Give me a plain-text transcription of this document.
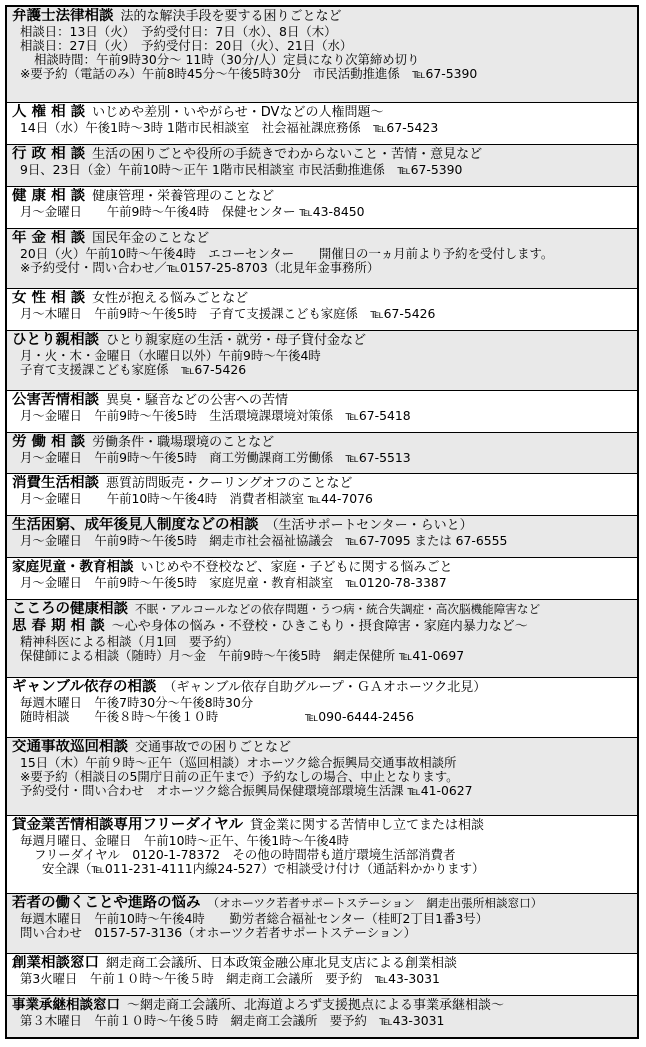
弁護士法律相談 法的な解決手段を要する困りごとなど
相談日：13日（火）　予約受付日：7日（水）、8日（木）
相談日：27日（火）　予約受付日：20日（火）、21日（水）
相談時間：午前9時30分～ 11時（30分/人）定員になり次第締め切り
※要予約（電話のみ）午前8時45分～午後5時30分　市民活動推進係　℡67-5390
人 権 相 談 いじめや差別・いやがらせ・DVなどの人権問題～
14日（水）午後1時～3時 1階市民相談室　社会福祉課庶務係　℡67-5423
行 政 相 談 生活の困りごとや役所の手続きでわからないこと・苦情・意見など
9日、23日（金）午前10時～正午 1階市民相談室 市民活動推進係　℡67-5390
健 康 相 談 健康管理・栄養管理のことなど
月～金曜日　　午前9時～午後4時　保健センター ℡43-8450
年 金 相 談 国民年金のことなど
20日（火）午前10時～午後4時　エコーセンター　　開催日の一ヵ月前より予約を受付します。
※予約受付・問い合わせ／℡0157-25-8703（北見年金事務所）
女 性 相 談 女性が抱える悩みごとなど
月～木曜日　午前9時～午後5時　子育て支援課こども家庭係　℡67-5426
ひとり親相談 ひとり親家庭の生活・就労・母子貸付金など
月・火・木・金曜日（水曜日以外）午前9時～午後4時
子育て支援課こども家庭係　℡67-5426
公害苦情相談 異臭・騒音などの公害への苦情
月～金曜日　午前9時～午後5時　生活環境課環境対策係　℡67-5418
労 働 相 談 労働条件・職場環境のことなど
月～金曜日　午前9時～午後5時　商工労働課商工労働係　℡67-5513
消費生活相談 悪質訪問販売・クーリングオフのことなど
月～金曜日　　午前10時～午後4時　消費者相談室 ℡44-7076
生活困窮、成年後見人制度などの相談 （生活サポートセンター・らいと）
月～金曜日　午前9時～午後5時　網走市社会福祉協議会　℡67-7095 または 67-6555
家庭児童・教育相談 いじめや不登校など、家庭・子どもに関する悩みごと
月～金曜日　午前9時～午後5時　家庭児童・教育相談室　℡0120-78-3387
こころの健康相談 不眠・アルコールなどの依存問題・うつ病・統合失調症・高次脳機能障害など
思 春 期 相 談 ～心や身体の悩み・不登校・ひきこもり・摂食障害・家庭内暴力など～
精神科医による相談（月1回　要予約）
保健師による相談（随時）月～金　午前9時～午後5時　網走保健所 ℡41-0697
ギャンブル依存の相談 （ギャンブル依存自助グループ・ＧＡオホーツク北見）
毎週木曜日　午後7時30分～午後8時30分
随時相談　　午後８時～午後１０時　　　　　　　℡090-6444-2456
交通事故巡回相談 交通事故での困りごとなど
15日（木）午前９時～正午（巡回相談）オホーツク総合振興局交通事故相談所
※要予約（相談日の5開庁日前の正午まで）予約なしの場合、中止となります。
予約受付・問い合わせ　オホーツク総合振興局保健環境部環境生活課 ℡41-0627
貸金業苦情相談専用フリーダイヤル 貸金業に関する苦情申し立てまたは相談
毎週月曜日、金曜日　午前10時～正午、午後1時～午後4時
フリーダイヤル　0120-1-78372　その他の時間帯も道庁環境生活部消費者
安全課（℡011-231-4111内線24-527）で相談受け付け（通話料かかります）
若者の働くことや進路の悩み （オホーツク若者サポートステーション　網走出張所相談窓口）
毎週木曜日　午前10時～午後4時　　勤労者総合福祉センター（桂町2丁目1番3号）
問い合わせ　0157-57-3136（オホーツク若者サポートステーション）
創業相談窓口 網走商工会議所、日本政策金融公庫北見支店による創業相談
第3火曜日　午前１０時～午後５時　網走商工会議所　要予約　℡43-3031
事業承継相談窓口 ～網走商工会議所、北海道よろず支援拠点による事業承継相談～
第３木曜日　午前１０時～午後５時　網走商工会議所　要予約　℡43-3031
